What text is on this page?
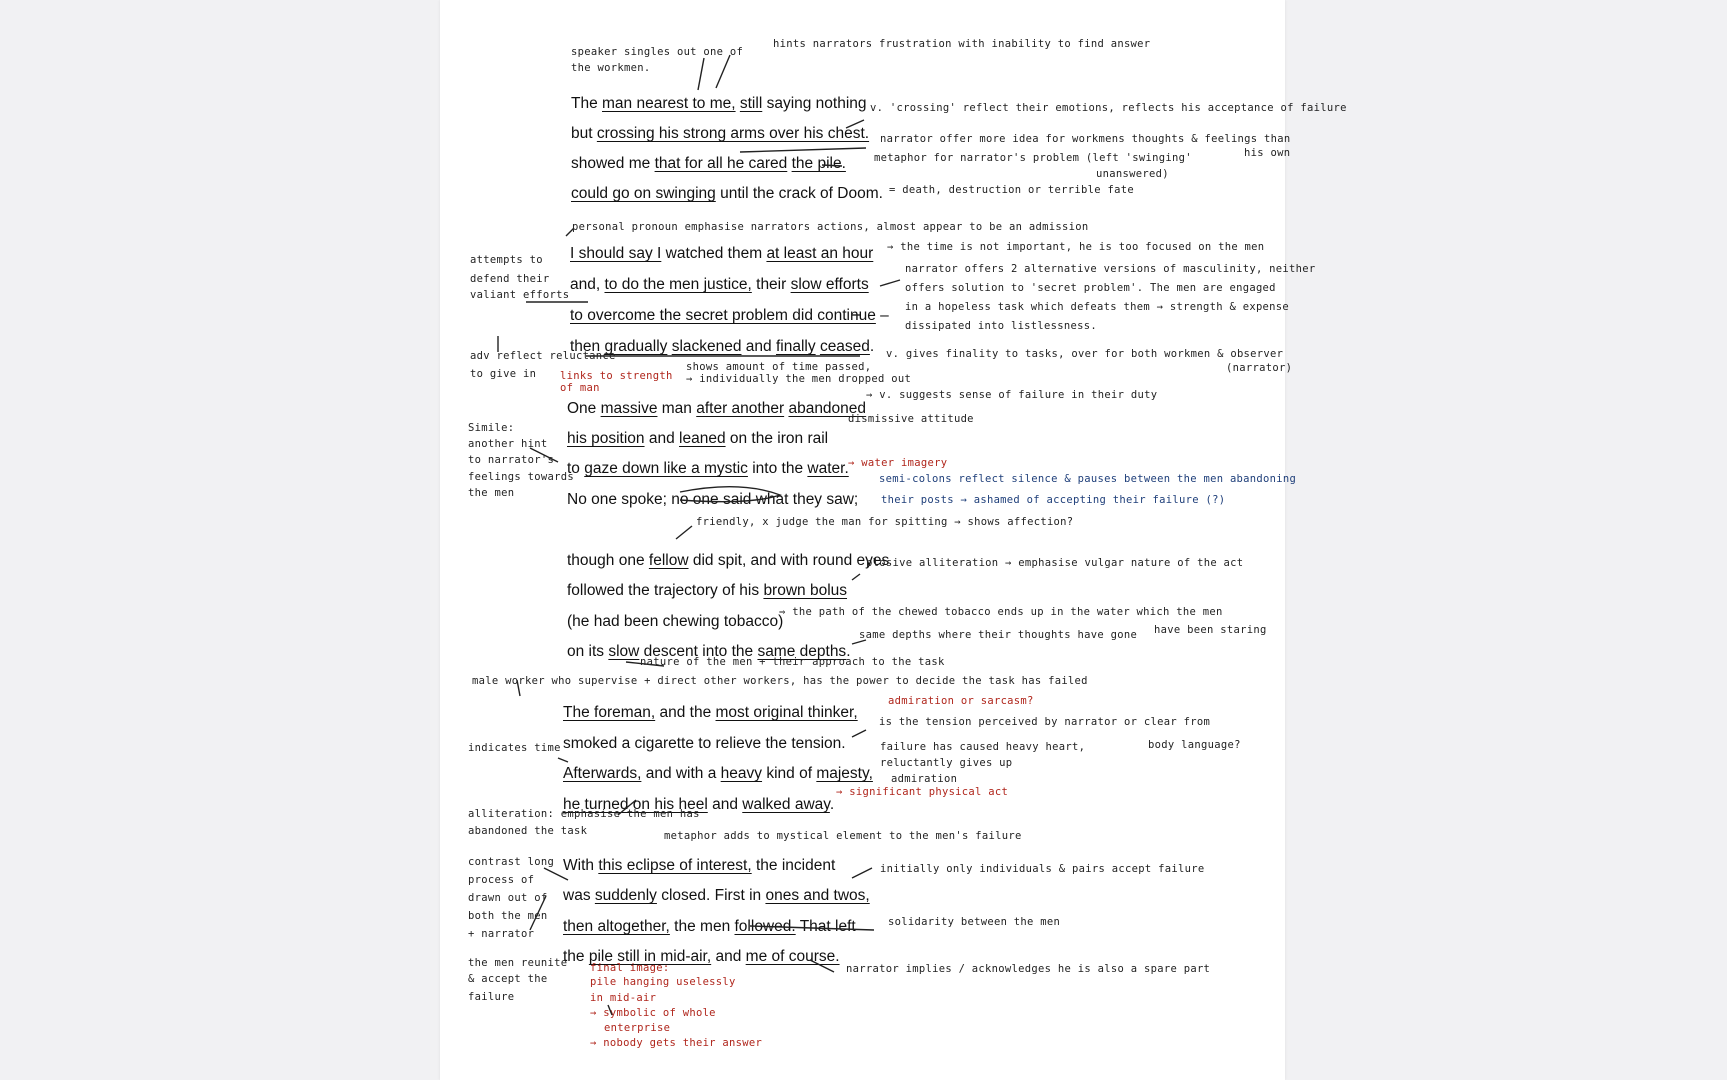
The man nearest to me, still saying nothing
but crossing his strong arms over his chest.
showed me that for all he cared the pile.
could go on swinging until the crack of Doom.
I should say I watched them at least an hour
and, to do the men justice, their slow efforts
to overcome the secret problem did continue –
then gradually slackened and finally ceased.
One massive man after another abandoned
his position and leaned on the iron rail
to gaze down like a mystic into the water.
No one spoke; no one said what they saw;
though one fellow did spit, and with round eyes
followed the trajectory of his brown bolus
(he had been chewing tobacco)
on its slow descent into the same depths.
The foreman, and the most original thinker,
smoked a cigarette to relieve the tension.
Afterwards, and with a heavy kind of majesty,
he turned on his heel and walked away.
With this eclipse of interest, the incident
was suddenly closed. First in ones and twos,
then altogether, the men followed. That left
the pile still in mid-air, and me of course.
speaker singles out one of
the workmen.
hints narrators frustration with inability to find answer
v. 'crossing' reflect their emotions, reflects his acceptance of failure
narrator offer more idea for workmens thoughts & feelings than
his own
metaphor for narrator's problem (left 'swinging'
unanswered)
= death, destruction or terrible fate
personal pronoun emphasise narrators actions, almost appear to be an admission
→ the time is not important, he is too focused on the men
attempts to
defend their
valiant efforts
narrator offers 2 alternative versions of masculinity, neither
offers solution to 'secret problem'. The men are engaged
in a hopeless task which defeats them → strength & expense
dissipated into listlessness.
adv reflect reluctance
to give in
v. gives finality to tasks, over for both workmen & observer
(narrator)
links to strength
of man
shows amount of time passed,
→ individually the men dropped out
→ v. suggests sense of failure in their duty
dismissive attitude
Simile:
another hint
to narrator's
feelings towards
the men
→ water imagery
semi-colons reflect silence & pauses between the men abandoning
their posts → ashamed of accepting their failure (?)
friendly, x judge the man for spitting → shows affection?
plosive alliteration → emphasise vulgar nature of the act
⇒ the path of the chewed tobacco ends up in the water which the men
have been staring
same depths where their thoughts have gone
nature of the men + their approach to the task
male worker who supervise + direct other workers, has the power to decide the task has failed
admiration or sarcasm?
is the tension perceived by narrator or clear from
body language?
indicates time	failure has caused heavy heart,
reluctantly gives up
admiration
→ significant physical act
alliteration: emphasise the men has
abandoned the task	metaphor adds to mystical element to the men's failure
contrast long
process of
drawn out of
both the men
+ narrator
initially only individuals & pairs accept failure
solidarity between the men
the men reunite
& accept the
failure
narrator implies / acknowledges he is also a spare part
final image:
pile hanging uselessly
in mid-air
→ symbolic of whole
enterprise
→ nobody gets their answer
